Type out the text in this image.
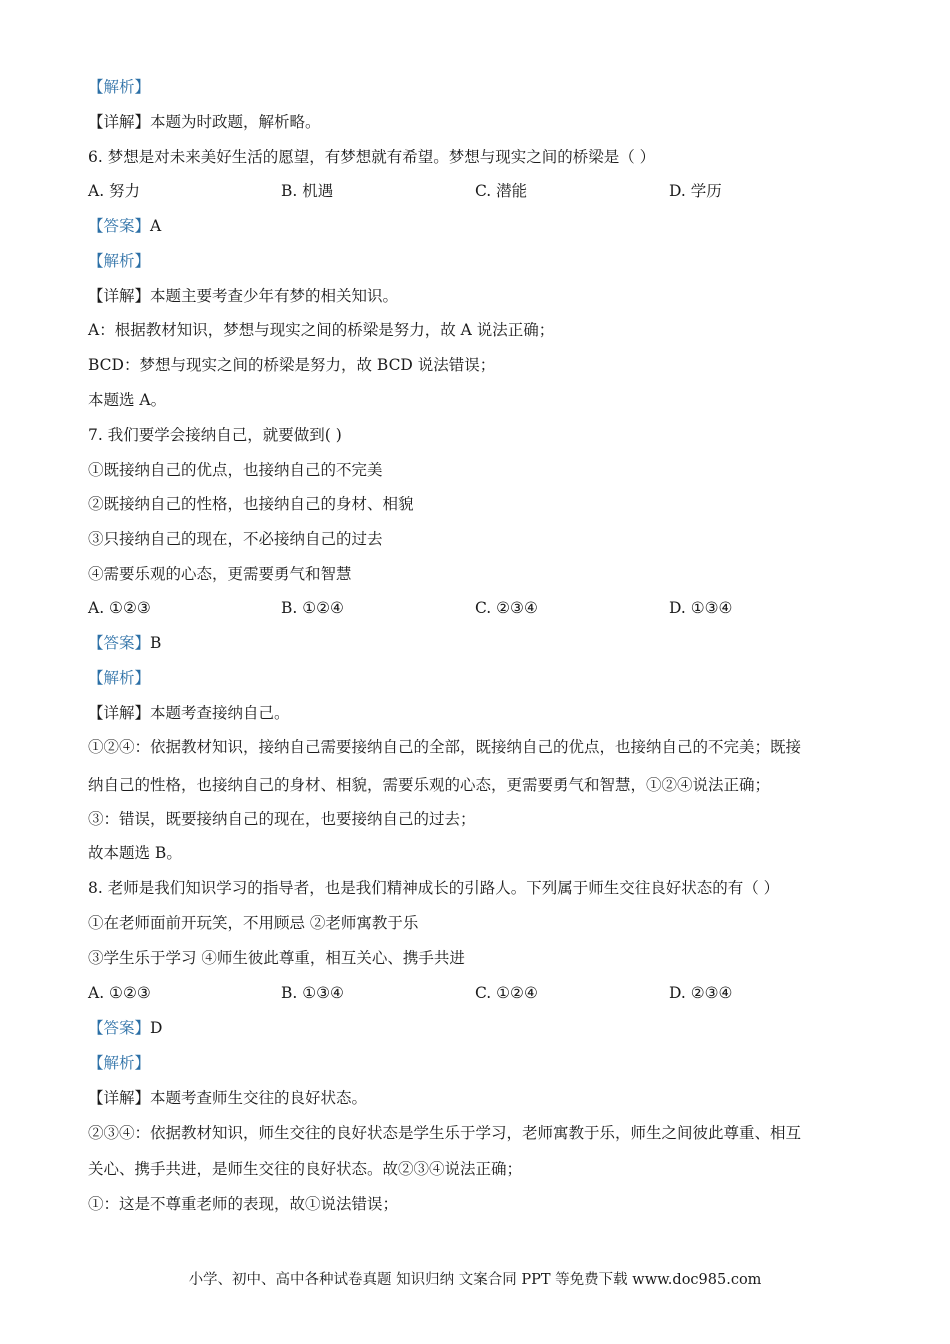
【解析】
【详解】本题为时政题，解析略。
6. 梦想是对未来美好生活的愿望，有梦想就有希望。梦想与现实之间的桥梁是（ ）
A. 努力	B. 机遇	C. 潜能	D. 学历
【答案】A
【解析】
【详解】本题主要考查少年有梦的相关知识。
A：根据教材知识，梦想与现实之间的桥梁是努力，故 A 说法正确；
BCD：梦想与现实之间的桥梁是努力，故 BCD 说法错误；
本题选 A。
7. 我们要学会接纳自己，就要做到( )
①既接纳自己的优点，也接纳自己的不完美
②既接纳自己的性格，也接纳自己的身材、相貌
③只接纳自己的现在，不必接纳自己的过去
④需要乐观的心态，更需要勇气和智慧
A. ①②③	B. ①②④	C. ②③④	D. ①③④
【答案】B
【解析】
【详解】本题考查接纳自己。
①②④：依据教材知识，接纳自己需要接纳自己的全部，既接纳自己的优点，也接纳自己的不完美；既接
纳自己的性格，也接纳自己的身材、相貌，需要乐观的心态，更需要勇气和智慧，①②④说法正确；
③：错误，既要接纳自己的现在，也要接纳自己的过去；
故本题选 B。
8. 老师是我们知识学习的指导者，也是我们精神成长的引路人。下列属于师生交往良好状态的有（ ）
①在老师面前开玩笑，不用顾忌 ②老师寓教于乐
③学生乐于学习 ④师生彼此尊重，相互关心、携手共进
A. ①②③	B. ①③④	C. ①②④	D. ②③④
【答案】D
【解析】
【详解】本题考查师生交往的良好状态。
②③④：依据教材知识，师生交往的良好状态是学生乐于学习，老师寓教于乐，师生之间彼此尊重、相互
关心、携手共进，是师生交往的良好状态。故②③④说法正确；
①：这是不尊重老师的表现，故①说法错误；
小学、初中、高中各种试卷真题 知识归纳 文案合同 PPT 等免费下载 www.doc985.com
